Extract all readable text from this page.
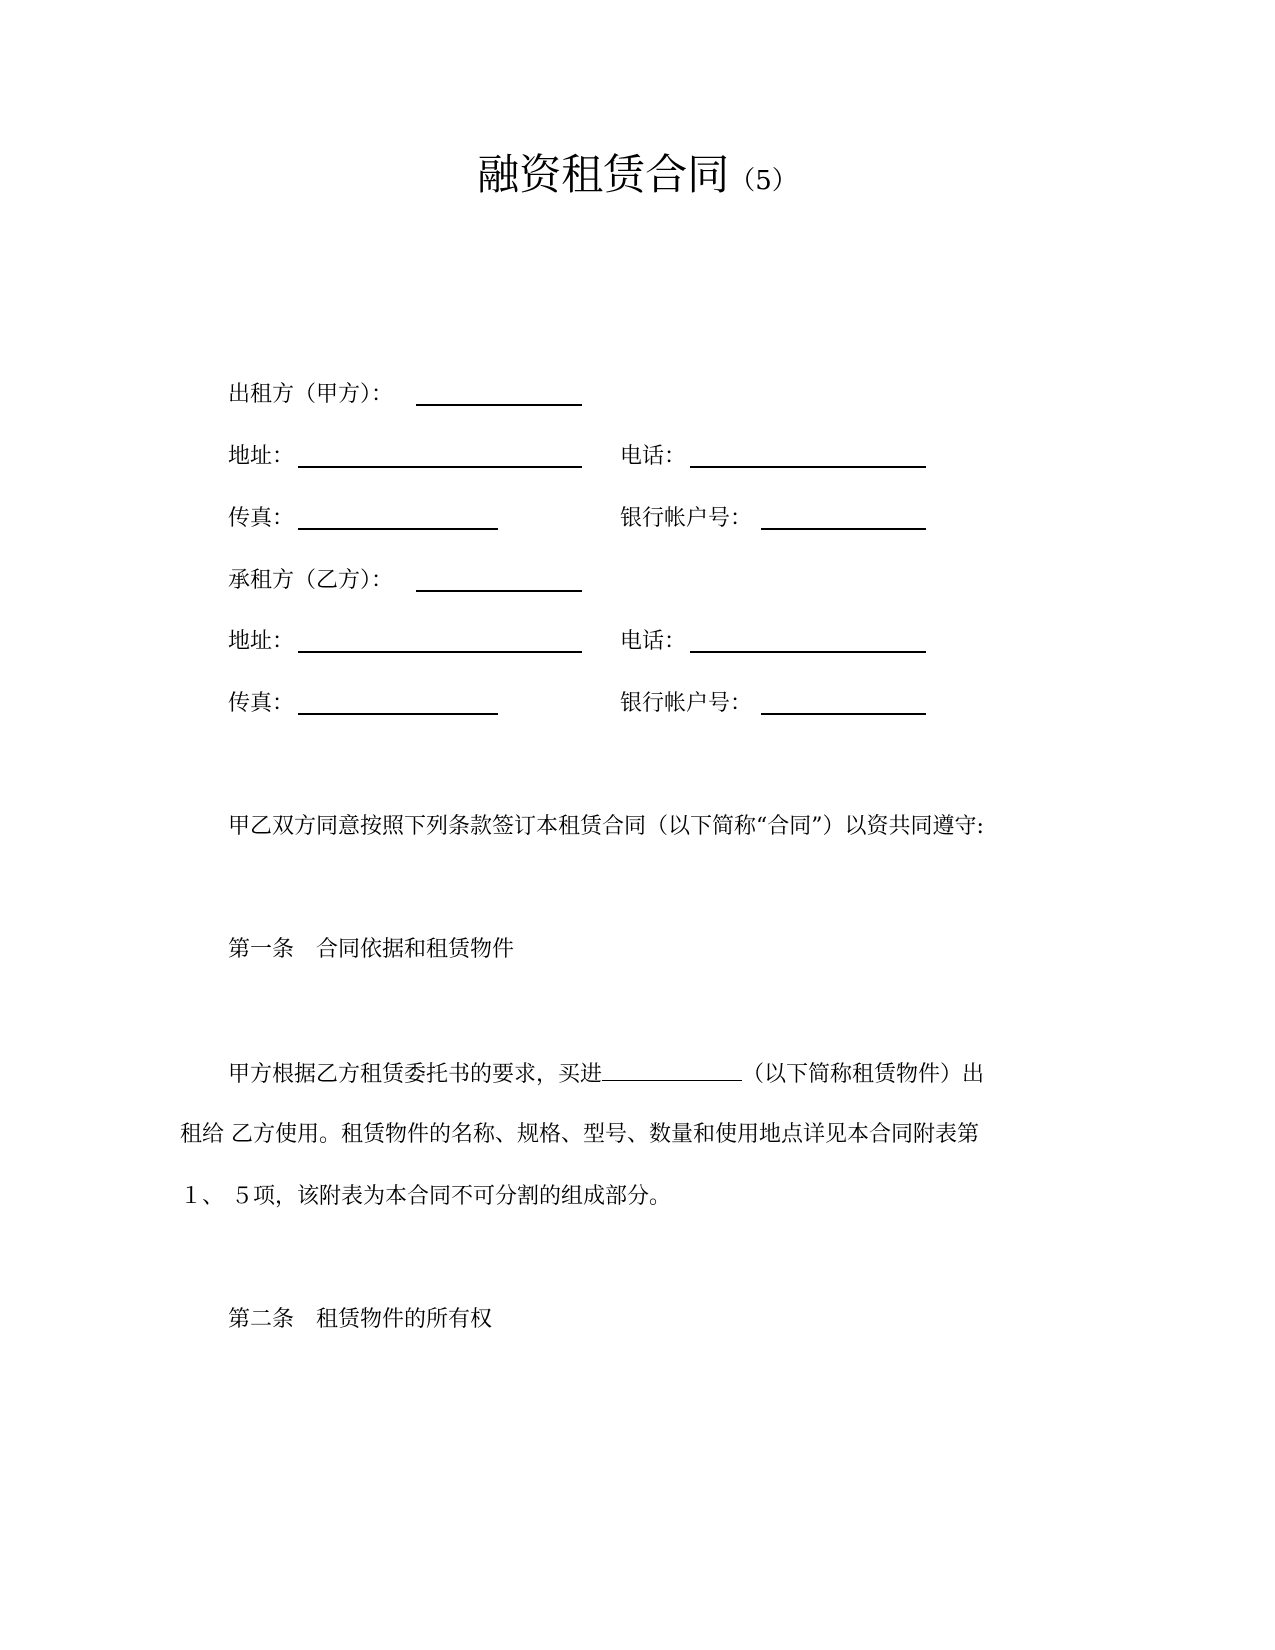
融资租赁合同（5）
出租方（甲方）：
地址：	电话：
传真：	银行帐户号：
承租方（乙方）：
地址：	电话：
传真：	银行帐户号：
甲乙双方同意按照下列条款签订本租赁合同（以下简称“合同”）以资共同遵守:
第一条　合同依据和租赁物件
甲方根据乙方租赁委托书的要求，买进	（以下简称租赁物件）出
租给 乙方使用。租赁物件的名称、规格、型号、数量和使用地点详见本合同附表第
１、 ５项，该附表为本合同不可分割的组成部分。
第二条　租赁物件的所有权
